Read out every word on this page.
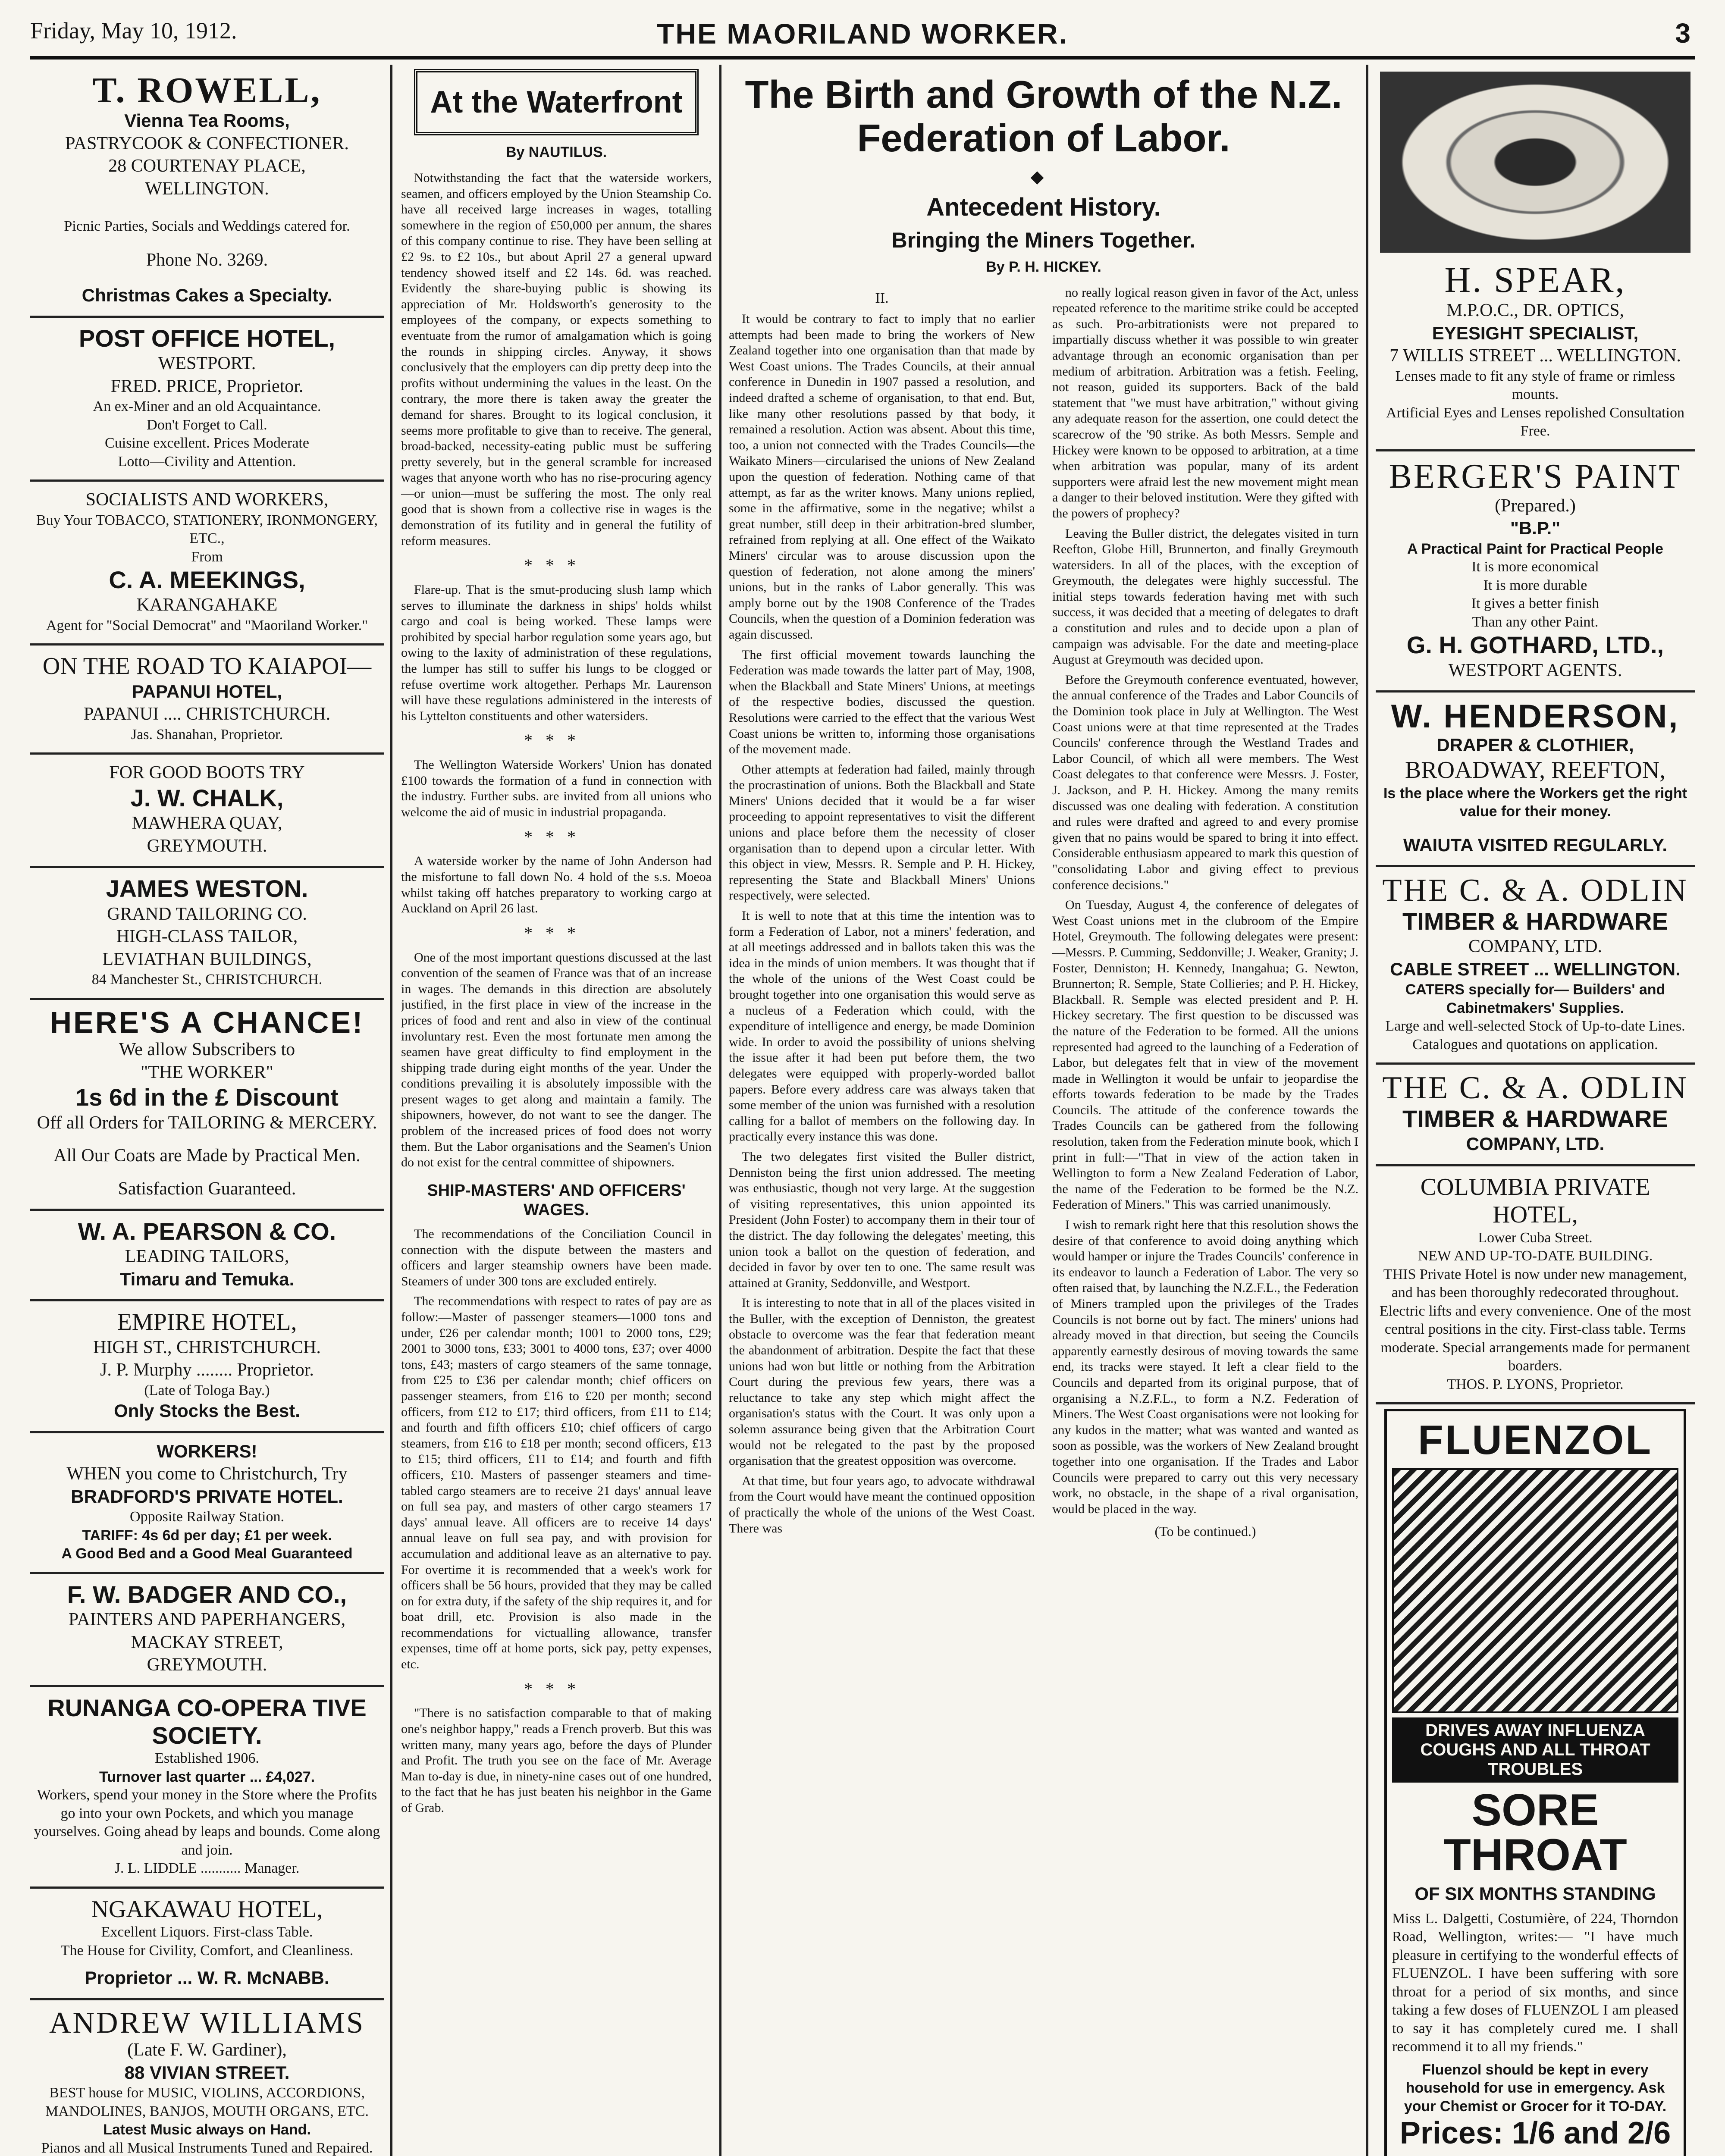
Friday, May 10, 1912.	THE MAORILAND WORKER.	3
T. ROWELL,
Vienna Tea Rooms,
PASTRYCOOK & CONFECTIONER.
28 COURTENAY PLACE,
WELLINGTON.
Picnic Parties, Socials and Weddings catered for.
Phone No. 3269.
Christmas Cakes a Specialty.
POST OFFICE HOTEL,
WESTPORT.
FRED. PRICE, Proprietor.
An ex-Miner and an old Acquaintance.
Don't Forget to Call.
Cuisine excellent. Prices Moderate
Lotto—Civility and Attention.
SOCIALISTS AND WORKERS,
Buy Your TOBACCO, STATIONERY, IRONMONGERY, ETC.,
From
C. A. MEEKINGS,
KARANGAHAKE
Agent for "Social Democrat" and "Maoriland Worker."
ON THE ROAD TO KAIAPOI—
PAPANUI HOTEL,
PAPANUI .... CHRISTCHURCH.
Jas. Shanahan, Proprietor.
FOR GOOD BOOTS TRY
J. W. CHALK,
MAWHERA QUAY,
GREYMOUTH.
JAMES WESTON.
GRAND TAILORING CO.
HIGH-CLASS TAILOR,
LEVIATHAN BUILDINGS,
84 Manchester St., CHRISTCHURCH.
HERE'S A CHANCE!
We allow Subscribers to
"THE WORKER"
1s 6d in the £ Discount
Off all Orders for TAILORING & MERCERY.
All Our Coats are Made by Practical Men.
Satisfaction Guaranteed.
W. A. PEARSON & CO.
LEADING TAILORS,
Timaru and Temuka.
EMPIRE HOTEL,
HIGH ST., CHRISTCHURCH.
J. P. Murphy ........ Proprietor.
(Late of Tologa Bay.)
Only Stocks the Best.
WORKERS!
WHEN you come to Christchurch, Try
BRADFORD'S PRIVATE HOTEL.
Opposite Railway Station.
TARIFF: 4s 6d per day; £1 per week.
A Good Bed and a Good Meal Guaranteed
F. W. BADGER AND CO.,
PAINTERS AND PAPERHANGERS,
MACKAY STREET,
GREYMOUTH.
RUNANGA CO-OPERA TIVE SOCIETY.
Established 1906.
Turnover last quarter ... £4,027.
Workers, spend your money in the Store where the Profits go into your own Pockets, and which you manage yourselves. Going ahead by leaps and bounds. Come along and join.
J. L. LIDDLE ........... Manager.
NGAKAWAU HOTEL,
Excellent Liquors. First-class Table.
The House for Civility, Comfort, and Cleanliness.
Proprietor ... W. R. McNABB.
ANDREW WILLIAMS
(Late F. W. Gardiner),
88 VIVIAN STREET.
BEST house for MUSIC, VIOLINS, ACCORDIONS, MANDOLINES, BANJOS, MOUTH ORGANS, ETC.
Latest Music always on Hand.
Pianos and all Musical Instruments Tuned and Repaired.
At the Waterfront
By NAUTILUS.

Notwithstanding the fact that the waterside workers, seamen, and officers employed by the Union Steamship Co. have all received large increases in wages, totalling somewhere in the region of £50,000 per annum, the shares of this company continue to rise. They have been selling at £2 9s. to £2 10s., but about April 27 a general upward tendency showed itself and £2 14s. 6d. was reached. Evidently the share-buying public is showing its appreciation of Mr. Holdsworth's generosity to the employees of the company, or expects something to eventuate from the rumor of amalgamation which is going the rounds in shipping circles. Anyway, it shows conclusively that the employers can dip pretty deep into the profits without undermining the values in the least. On the contrary, the more there is taken away the greater the demand for shares. Brought to its logical conclusion, it seems more profitable to give than to receive. The general, broad-backed, necessity-eating public must be suffering pretty severely, but in the general scramble for increased wages that anyone worth who has no rise-procuring agency—or union—must be suffering the most. The only real good that is shown from a collective rise in wages is the demonstration of its futility and in general the futility of reform measures.

***

Flare-up. That is the smut-producing slush lamp which serves to illuminate the darkness in ships' holds whilst cargo and coal is being worked. These lamps were prohibited by special harbor regulation some years ago, but owing to the laxity of administration of these regulations, the lumper has still to suffer his lungs to be clogged or refuse overtime work altogether. Perhaps Mr. Laurenson will have these regulations administered in the interests of his Lyttelton constituents and other watersiders.

***

The Wellington Waterside Workers' Union has donated £100 towards the formation of a fund in connection with the industry. Further subs. are invited from all unions who welcome the aid of music in industrial propaganda.

***

A waterside worker by the name of John Anderson had the misfortune to fall down No. 4 hold of the s.s. Moeoa whilst taking off hatches preparatory to working cargo at Auckland on April 26 last.

***

One of the most important questions discussed at the last convention of the seamen of France was that of an increase in wages. The demands in this direction are absolutely justified, in the first place in view of the increase in the prices of food and rent and also in view of the continual involuntary rest. Even the most fortunate men among the seamen have great difficulty to find employment in the shipping trade during eight months of the year. Under the conditions prevailing it is absolutely impossible with the present wages to get along and maintain a family. The shipowners, however, do not want to see the danger. The problem of the increased prices of food does not worry them. But the Labor organisations and the Seamen's Union do not exist for the central committee of shipowners.

SHIP-MASTERS' AND OFFICERS' WAGES.

The recommendations of the Conciliation Council in connection with the dispute between the masters and officers and larger steamship owners have been made. Steamers of under 300 tons are excluded entirely.

The recommendations with respect to rates of pay are as follow:—Master of passenger steamers—1000 tons and under, £26 per calendar month; 1001 to 2000 tons, £29; 2001 to 3000 tons, £33; 3001 to 4000 tons, £37; over 4000 tons, £43; masters of cargo steamers of the same tonnage, from £25 to £36 per calendar month; chief officers on passenger steamers, from £16 to £20 per month; second officers, from £12 to £17; third officers, from £11 to £14; and fourth and fifth officers £10; chief officers of cargo steamers, from £16 to £18 per month; second officers, £13 to £15; third officers, £11 to £14; and fourth and fifth officers, £10. Masters of passenger steamers and time-tabled cargo steamers are to receive 21 days' annual leave on full sea pay, and masters of other cargo steamers 17 days' annual leave. All officers are to receive 14 days' annual leave on full sea pay, and with provision for accumulation and additional leave as an alternative to pay. For overtime it is recommended that a week's work for officers shall be 56 hours, provided that they may be called on for extra duty, if the safety of the ship requires it, and for boat drill, etc. Provision is also made in the recommendations for victualling allowance, transfer expenses, time off at home ports, sick pay, petty expenses, etc.

***

"There is no satisfaction comparable to that of making one's neighbor happy," reads a French proverb. But this was written many, many years ago, before the days of Plunder and Profit. The truth you see on the face of Mr. Average Man to-day is due, in ninety-nine cases out of one hundred, to the fact that he has just beaten his neighbor in the Game of Grab.

The Birth and Growth of the N.Z. Federation of Labor.
◆
Antecedent History.
Bringing the Miners Together.
By P. H. HICKEY.
II.

It would be contrary to fact to imply that no earlier attempts had been made to bring the workers of New Zealand together into one organisation than that made by West Coast unions. The Trades Councils, at their annual conference in Dunedin in 1907 passed a resolution, and indeed drafted a scheme of organisation, to that end. But, like many other resolutions passed by that body, it remained a resolution. Action was absent. About this time, too, a union not connected with the Trades Councils—the Waikato Miners—circularised the unions of New Zealand upon the question of federation. Nothing came of that attempt, as far as the writer knows. Many unions replied, some in the affirmative, some in the negative; whilst a great number, still deep in their arbitration-bred slumber, refrained from replying at all. One effect of the Waikato Miners' circular was to arouse discussion upon the question of federation, not alone among the miners' unions, but in the ranks of Labor generally. This was amply borne out by the 1908 Conference of the Trades Councils, when the question of a Dominion federation was again discussed.

The first official movement towards launching the Federation was made towards the latter part of May, 1908, when the Blackball and State Miners' Unions, at meetings of the respective bodies, discussed the question. Resolutions were carried to the effect that the various West Coast unions be written to, informing those organisations of the movement made.

Other attempts at federation had failed, mainly through the procrastination of unions. Both the Blackball and State Miners' Unions decided that it would be a far wiser proceeding to appoint representatives to visit the different unions and place before them the necessity of closer organisation than to depend upon a circular letter. With this object in view, Messrs. R. Semple and P. H. Hickey, representing the State and Blackball Miners' Unions respectively, were selected.

It is well to note that at this time the intention was to form a Federation of Labor, not a miners' federation, and at all meetings addressed and in ballots taken this was the idea in the minds of union members. It was thought that if the whole of the unions of the West Coast could be brought together into one organisation this would serve as a nucleus of a Federation which could, with the expenditure of intelligence and energy, be made Dominion wide. In order to avoid the possibility of unions shelving the issue after it had been put before them, the two delegates were equipped with properly-worded ballot papers. Before every address care was always taken that some member of the union was furnished with a resolution calling for a ballot of members on the following day. In practically every instance this was done.

The two delegates first visited the Buller district, Denniston being the first union addressed. The meeting was enthusiastic, though not very large. At the suggestion of visiting representatives, this union appointed its President (John Foster) to accompany them in their tour of the district. The day following the delegates' meeting, this union took a ballot on the question of federation, and decided in favor by over ten to one. The same result was attained at Granity, Seddonville, and Westport.

It is interesting to note that in all of the places visited in the Buller, with the exception of Denniston, the greatest obstacle to overcome was the fear that federation meant the abandonment of arbitration. Despite the fact that these unions had won but little or nothing from the Arbitration Court during the previous few years, there was a reluctance to take any step which might affect the organisation's status with the Court. It was only upon a solemn assurance being given that the Arbitration Court would not be relegated to the past by the proposed organisation that the greatest opposition was overcome.

At that time, but four years ago, to advocate withdrawal from the Court would have meant the continued opposition of practically the whole of the unions of the West Coast. There was

no really logical reason given in favor of the Act, unless repeated reference to the maritime strike could be accepted as such. Pro-arbitrationists were not prepared to impartially discuss whether it was possible to win greater advantage through an economic organisation than per medium of arbitration. Arbitration was a fetish. Feeling, not reason, guided its supporters. Back of the bald statement that "we must have arbitration," without giving any adequate reason for the assertion, one could detect the scarecrow of the '90 strike. As both Messrs. Semple and Hickey were known to be opposed to arbitration, at a time when arbitration was popular, many of its ardent supporters were afraid lest the new movement might mean a danger to their beloved institution. Were they gifted with the powers of prophecy?

Leaving the Buller district, the delegates visited in turn Reefton, Globe Hill, Brunnerton, and finally Greymouth watersiders. In all of the places, with the exception of Greymouth, the delegates were highly successful. The initial steps towards federation having met with such success, it was decided that a meeting of delegates to draft a constitution and rules and to decide upon a plan of campaign was advisable. For the date and meeting-place August at Greymouth was decided upon.

Before the Greymouth conference eventuated, however, the annual conference of the Trades and Labor Councils of the Dominion took place in July at Wellington. The West Coast unions were at that time represented at the Trades Councils' conference through the Westland Trades and Labor Council, of which all were members. The West Coast delegates to that conference were Messrs. J. Foster, J. Jackson, and P. H. Hickey. Among the many remits discussed was one dealing with federation. A constitution and rules were drafted and agreed to and every promise given that no pains would be spared to bring it into effect. Considerable enthusiasm appeared to mark this question of "consolidating Labor and giving effect to previous conference decisions."

On Tuesday, August 4, the conference of delegates of West Coast unions met in the clubroom of the Empire Hotel, Greymouth. The following delegates were present:—Messrs. P. Cumming, Seddonville; J. Weaker, Granity; J. Foster, Denniston; H. Kennedy, Inangahua; G. Newton, Brunnerton; R. Semple, State Collieries; and P. H. Hickey, Blackball. R. Semple was elected president and P. H. Hickey secretary. The first question to be discussed was the nature of the Federation to be formed. All the unions represented had agreed to the launching of a Federation of Labor, but delegates felt that in view of the movement made in Wellington it would be unfair to jeopardise the efforts towards federation to be made by the Trades Councils. The attitude of the conference towards the Trades Councils can be gathered from the following resolution, taken from the Federation minute book, which I print in full:—"That in view of the action taken in Wellington to form a New Zealand Federation of Labor, the name of the Federation to be formed be the N.Z. Federation of Miners." This was carried unanimously.

I wish to remark right here that this resolution shows the desire of that conference to avoid doing anything which would hamper or injure the Trades Councils' conference in its endeavor to launch a Federation of Labor. The very so often raised that, by launching the N.Z.F.L., the Federation of Miners trampled upon the privileges of the Trades Councils is not borne out by fact. The miners' unions had already moved in that direction, but seeing the Councils apparently earnestly desirous of moving towards the same end, its tracks were stayed. It left a clear field to the Councils and departed from its original purpose, that of organising a N.Z.F.L., to form a N.Z. Federation of Miners. The West Coast organisations were not looking for any kudos in the matter; what was wanted and wanted as soon as possible, was the workers of New Zealand brought together into one organisation. If the Trades and Labor Councils were prepared to carry out this very necessary work, no obstacle, in the shape of a rival organisation, would be placed in the way.

(To be continued.)

H. SPEAR,
M.P.O.C., DR. OPTICS,
EYESIGHT SPECIALIST,
7 WILLIS STREET ... WELLINGTON.
Lenses made to fit any style of frame or rimless mounts.
Artificial Eyes and Lenses repolished Consultation Free.
BERGER'S PAINT
(Prepared.)
"B.P."
A Practical Paint for Practical People
It is more economical
It is more durable
It gives a better finish
Than any other Paint.
G. H. GOTHARD, LTD.,
WESTPORT AGENTS.
W. HENDERSON,
DRAPER & CLOTHIER,
BROADWAY, REEFTON,
Is the place where the Workers get the right value for their money.
WAIUTA VISITED REGULARLY.
THE C. & A. ODLIN
TIMBER & HARDWARE
COMPANY, LTD.
CABLE STREET ... WELLINGTON.
CATERS specially for— Builders' and Cabinetmakers' Supplies.
Large and well-selected Stock of Up-to-date Lines.
Catalogues and quotations on application.
THE C. & A. ODLIN
TIMBER & HARDWARE
COMPANY, LTD.
COLUMBIA PRIVATE HOTEL,
Lower Cuba Street.
NEW AND UP-TO-DATE BUILDING.
THIS Private Hotel is now under new management, and has been thoroughly redecorated throughout. Electric lifts and every convenience. One of the most central positions in the city. First-class table. Terms moderate. Special arrangements made for permanent boarders.
THOS. P. LYONS, Proprietor.
FLUENZOL
DRIVES AWAY INFLUENZA COUGHS AND ALL THROAT TROUBLES
SORE THROAT
OF SIX MONTHS STANDING
Miss L. Dalgetti, Costumière, of 224, Thorndon Road, Wellington, writes:— "I have much pleasure in certifying to the wonderful effects of FLUENZOL. I have been suffering with sore throat for a period of six months, and since taking a few doses of FLUENZOL I am pleased to say it has completely cured me. I shall recommend it to all my friends."
Fluenzol should be kept in every household for use in emergency. Ask your Chemist or Grocer for it TO-DAY.
Prices: 1/6 and 2/6
